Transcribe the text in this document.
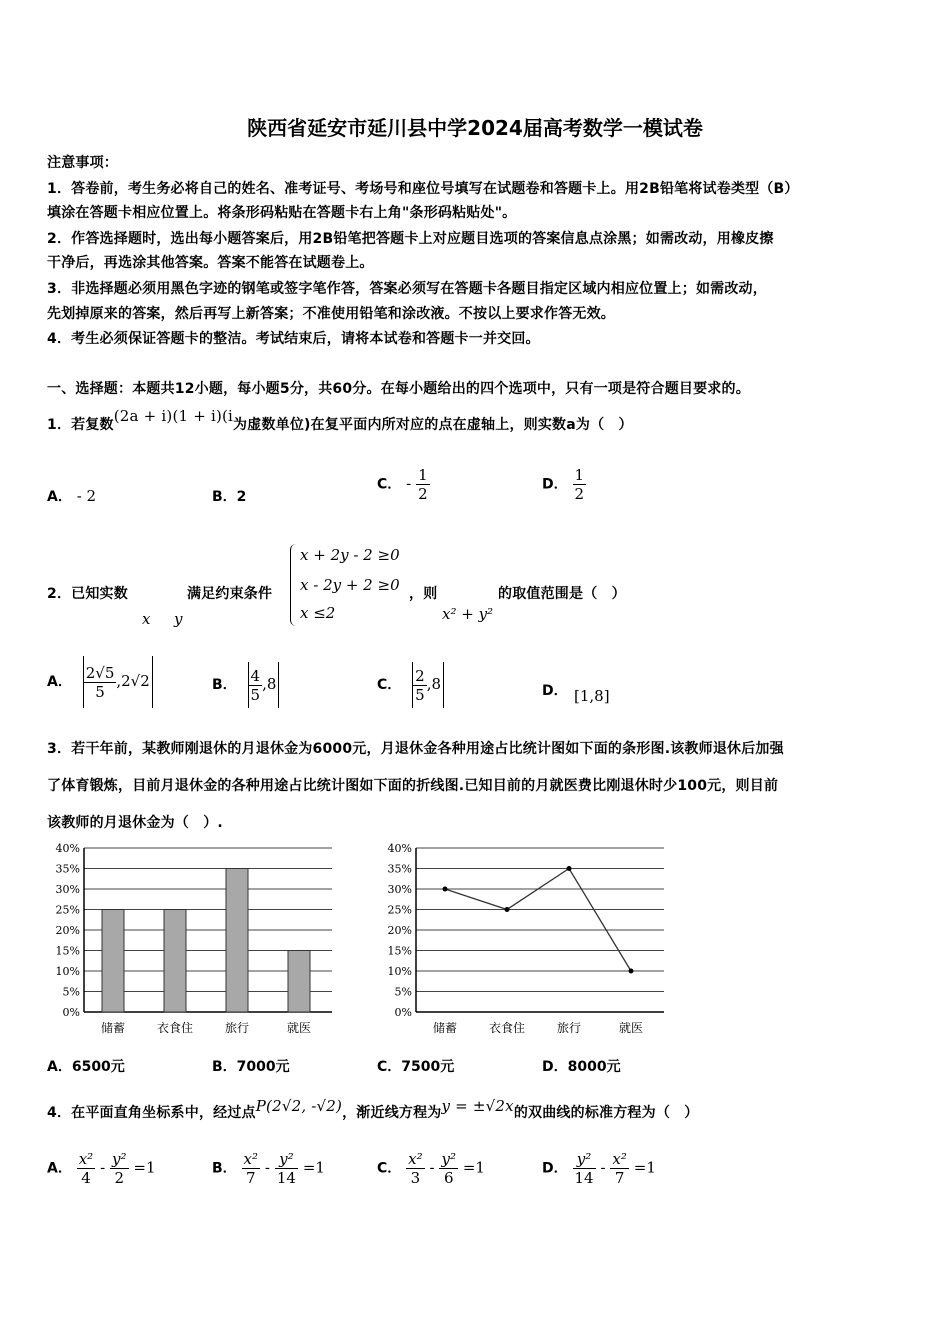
陕西省延安市延川县中学2024届高考数学一模试卷
注意事项：
1．答卷前，考生务必将自己的姓名、准考证号、考场号和座位号填写在试题卷和答题卡上。用2B铅笔将试卷类型（B）
填涂在答题卡相应位置上。将条形码粘贴在答题卡右上角"条形码粘贴处"。
2．作答选择题时，选出每小题答案后，用2B铅笔把答题卡上对应题目选项的答案信息点涂黑；如需改动，用橡皮擦
干净后，再选涂其他答案。答案不能答在试题卷上。
3．非选择题必须用黑色字迹的钢笔或签字笔作答，答案必须写在答题卡各题目指定区域内相应位置上；如需改动，
先划掉原来的答案，然后再写上新答案；不准使用铅笔和涂改液。不按以上要求作答无效。
4．考生必须保证答题卡的整洁。考试结束后，请将本试卷和答题卡一并交回。
一、选择题：本题共12小题，每小题5分，共60分。在每小题给出的四个选项中，只有一项是符合题目要求的。
1．若复数(2a + i)(1 + i)(i为虚数单位)在复平面内所对应的点在虚轴上，则实数a为（　）
A． - 2	B．2
C． - $\frac{1}{2}$	D． $\frac{1}{2}$
2．已知实数	满足约束条件
x y
x + 2y - 2 ≥0
x - 2y + 2 ≥0
x ≤2
，则
x² + y²
的取值范围是（　）
A． $\frac{2√5}{5} ,2√2$	B． $\frac{4}{5} ,8$	C． $\frac{2}{5} ,8$	D． [1,8]
3．若干年前，某教师刚退休的月退休金为6000元，月退休金各种用途占比统计图如下面的条形图.该教师退休后加强
了体育锻炼，目前月退休金的各种用途占比统计图如下面的折线图.已知目前的月就医费比刚退休时少100元，则目前
该教师的月退休金为（　）.
0%
5%
10%
15%
20%
25%
30%
35%
40%
储蓄	衣食住	旅行	就医
0%
5%
10%
15%
20%
25%
30%
35%
40%
储蓄	衣食住	旅行	就医
A．6500元	B．7000元	C．7500元	D．8000元
4．在平面直角坐标系中，经过点P(2√2, -√2)，渐近线方程为y = ±√2x的双曲线的标准方程为（　）
A． $\frac{\text{x²}}{4} - \frac{\text{y²}}{2} =1$	B． $\frac{\text{x²}}{7} - \frac{\text{y²}}{14} =1$	C． $\frac{\text{x²}}{3} - \frac{\text{y²}}{6} =1$	D． $\frac{\text{y²}}{14} - \frac{\text{x²}}{7} =1$
